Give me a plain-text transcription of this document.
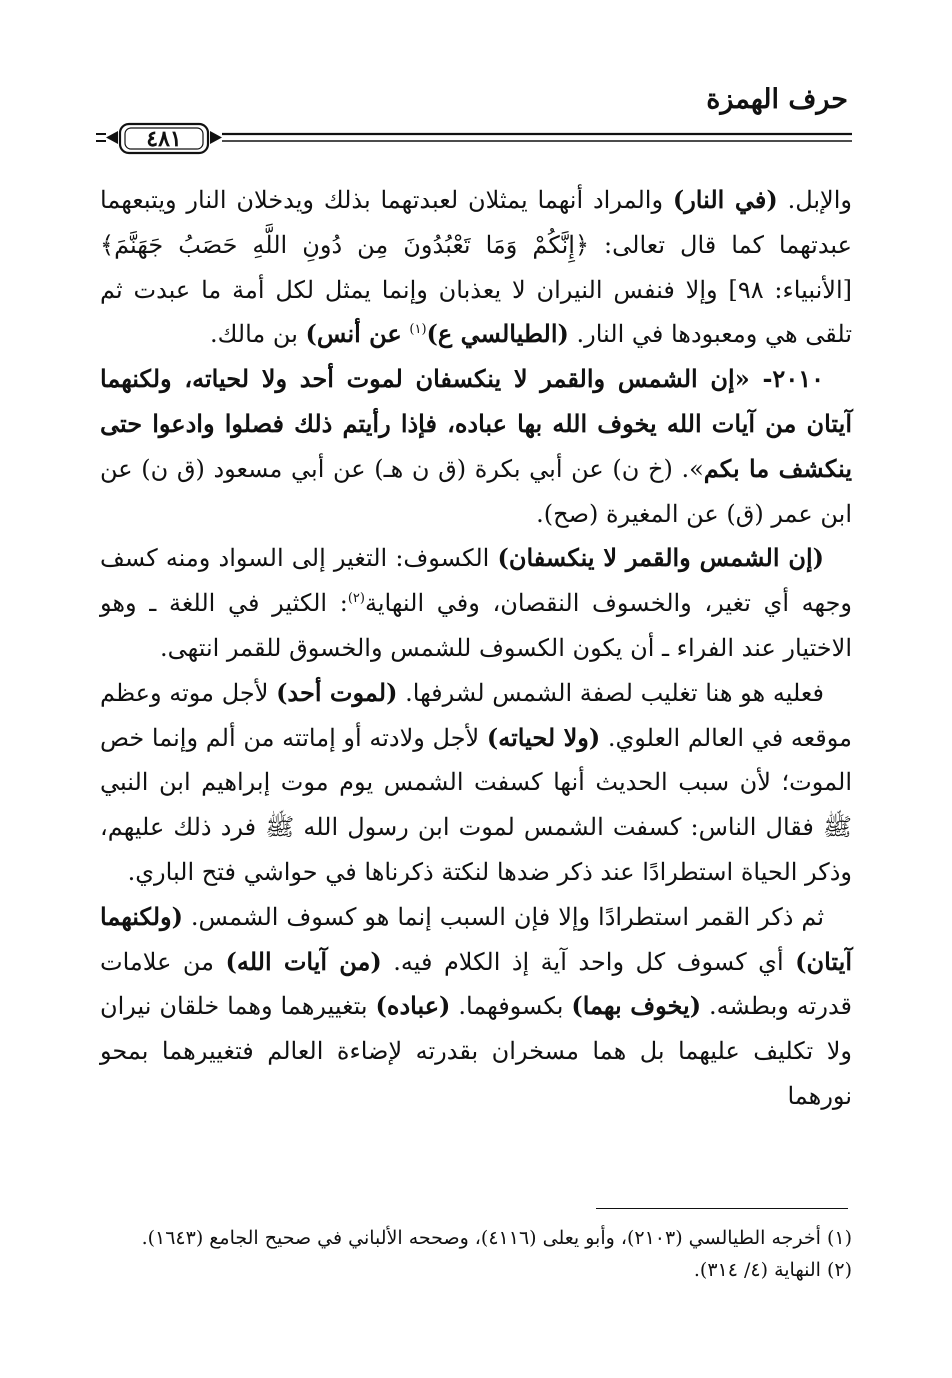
حرف الهمزة
٤٨١

والإبل. (في النار) والمراد أنهما يمثلان لعبدتهما بذلك ويدخلان النار ويتبعهما عبدتهما كما قال تعالى: ﴿إِنَّكُمْ وَمَا تَعْبُدُونَ مِن دُونِ اللَّهِ حَصَبُ جَهَنَّمَ﴾ [الأنبياء: ٩٨] وإلا فنفس النيران لا يعذبان وإنما يمثل لكل أمة ما عبدت ثم تلقى هي ومعبودها في النار. (الطيالسي ع)$^{(١)}$ عن أنس) بن مالك.

٢٠١٠- «إن الشمس والقمر لا ينكسفان لموت أحد ولا لحياته، ولكنهما آيتان من آيات الله يخوف الله بها عباده، فإذا رأيتم ذلك فصلوا وادعوا حتى ينكشف ما بكم». (خ ن) عن أبي بكرة (ق ن هـ) عن أبي مسعود (ق ن) عن ابن عمر (ق) عن المغيرة (صح).

(إن الشمس والقمر لا ينكسفان) الكسوف: التغير إلى السواد ومنه كسف وجهه أي تغير، والخسوف النقصان، وفي النهاية$^{(٢)}$: الكثير في اللغة ـ وهو الاختيار عند الفراء ـ أن يكون الكسوف للشمس والخسوق للقمر انتهى.

فعليه هو هنا تغليب لصفة الشمس لشرفها. (لموت أحد) لأجل موته وعظم موقعه في العالم العلوي. (ولا لحياته) لأجل ولادته أو إماتته من ألم وإنما خص الموت؛ لأن سبب الحديث أنها كسفت الشمس يوم موت إبراهيم ابن النبي ﷺ فقال الناس: كسفت الشمس لموت ابن رسول الله ﷺ فرد ذلك عليهم، وذكر الحياة استطرادًا عند ذكر ضدها لنكتة ذكرناها في حواشي فتح الباري.

ثم ذكر القمر استطرادًا وإلا فإن السبب إنما هو كسوف الشمس. (ولكنهما آيتان) أي كسوف كل واحد آية إذ الكلام فيه. (من آيات الله) من علامات قدرته وبطشه. (يخوف بهما) بكسوفهما. (عباده) بتغييرهما وهما خلقان نيران ولا تكليف عليهما بل هما مسخران بقدرته لإضاءة العالم فتغييرهما بمحو نورهما

(١) أخرجه الطيالسي (٢١٠٣)، وأبو يعلى (٤١١٦)، وصححه الألباني في صحيح الجامع (١٦٤٣).

(٢) النهاية (٤/ ٣١٤).
